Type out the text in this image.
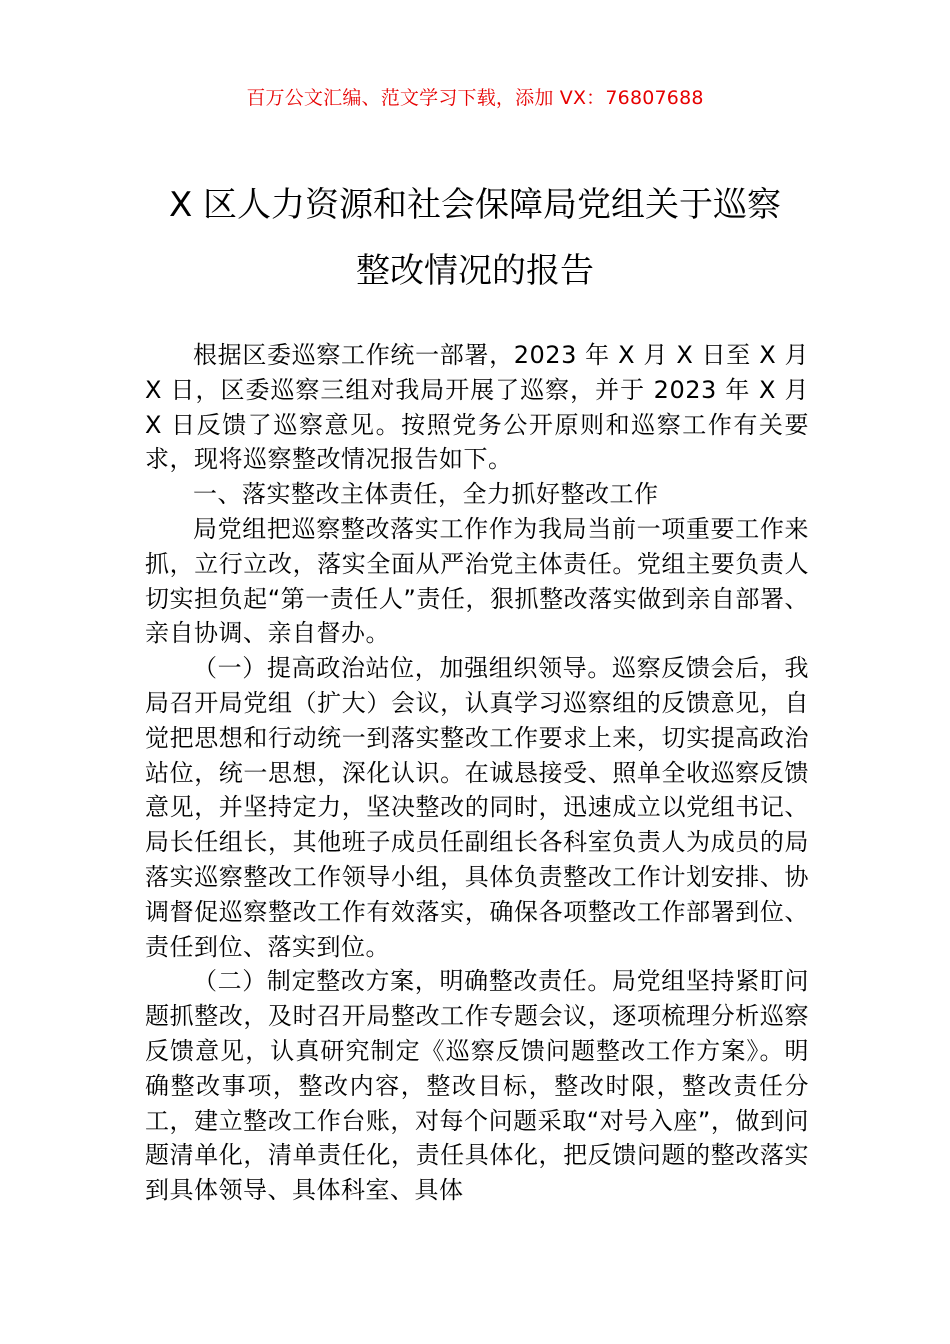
百万公文汇编、范文学习下载，添加 VX：76807688
X 区人力资源和社会保障局党组关于巡察
整改情况的报告

根据区委巡察工作统一部署，2023 年 X 月 X 日至 X 月 X 日，区委巡察三组对我局开展了巡察，并于 2023 年 X 月 X 日反馈了巡察意见。按照党务公开原则和巡察工作有关要求，现将巡察整改情况报告如下。

一、落实整改主体责任，全力抓好整改工作

局党组把巡察整改落实工作作为我局当前一项重要工作来抓，立行立改，落实全面从严治党主体责任。党组主要负责人切实担负起“第一责任人”责任，狠抓整改落实做到亲自部署、亲自协调、亲自督办。

（一）提高政治站位，加强组织领导。巡察反馈会后，我局召开局党组（扩大）会议，认真学习巡察组的反馈意见，自觉把思想和行动统一到落实整改工作要求上来，切实提高政治站位，统一思想，深化认识。在诚恳接受、照单全收巡察反馈意见，并坚持定力，坚决整改的同时，迅速成立以党组书记、局长任组长，其他班子成员任副组长各科室负责人为成员的局落实巡察整改工作领导小组，具体负责整改工作计划安排、协调督促巡察整改工作有效落实，确保各项整改工作部署到位、责任到位、落实到位。

（二）制定整改方案，明确整改责任。局党组坚持紧盯问题抓整改，及时召开局整改工作专题会议，逐项梳理分析巡察反馈意见，认真研究制定《巡察反馈问题整改工作方案》。明确整改事项，整改内容，整改目标，整改时限，整改责任分工，建立整改工作台账，对每个问题采取“对号入座”，做到问题清单化，清单责任化，责任具体化，把反馈问题的整改落实到具体领导、具体科室、具体
